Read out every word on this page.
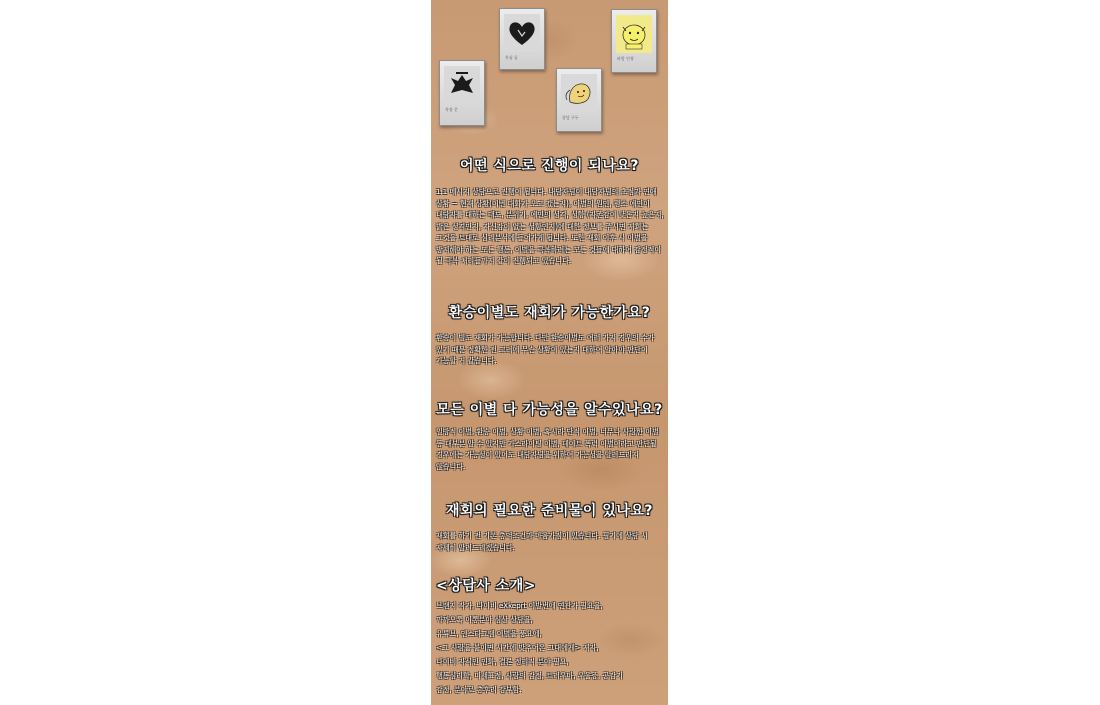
흑심 둘	바람 인형
흑장 문
상담 구두
어떤 식으로 진행이 되나요?

1:1 메시지 상담으로 진행이 됩니다. 내담자님이 내담자님의 초점과 연애 상황 ~ 현재 상황(이번 대화가 오고 갔는지), 이별의 원인, 평소 예인이 내담자를 대하는 태도, 분위기, 예인의 성격, 성향 (자존감이 낮은지 높은지, 밝은 성격인지, 자신감이 없는 성향인지)에 대한 정보를 주시면 저희는 그것을 토대로 심리분석에 들어가게 됩니다. 또한 재회 이후 시 이별을 방지해야 하는 모든 행동, 이별을 극복하려는 모든 것들에 대하여 감정적이 될 극복 처리들까지 같이 진행되고 있습니다.

환승이별도 재회가 가능한가요?

환승이 빌도 재회가 가능합니다. 다만 환승이별도 여러 가지 경우의 수가 있기 때문 정확한 전 고려에 무슨 상황이 있는지 대하여 알아야 판단이 가능할 거 같습니다.

모든 이별 다 가능성을 알수있나요?

일방적 이별, 환승 이별, 상황 이별, 혹시라 단적 이별, 너무나 사랑한 이별 등 대부분 알 수 있지만 가스라이팅 이별, 데이트 폭력 이별이라고 판단될 경우에는 가능성이 있어도 내담자님을 위하여 가능성을 알려드리지 않습니다.

재회의 필요한 준비물이 있나요?

재회를 하기 전 기본 총억조건과 마음가짐이 있습니다. 필기에 상담 시 자세히 알려드리겠습니다.

<상담사 소개>
브랜지 작가, 나이비 eXkeprt 이발번에 연관가 필요을,
까까오톡 이통분야 심상 상담을,
유튜브, 인스타그램 이별을 풍요에,
<그 사람을 붙이면 시간에 맞추어온 그대에게> 저자,
나이비 자식인 인화, 결론 정리직 분야 필요,
행동심리학, 미세표정, 사람의 감정, 트러우마, 우울증, 공감기
감정, 분야로 총후리 강부함.
